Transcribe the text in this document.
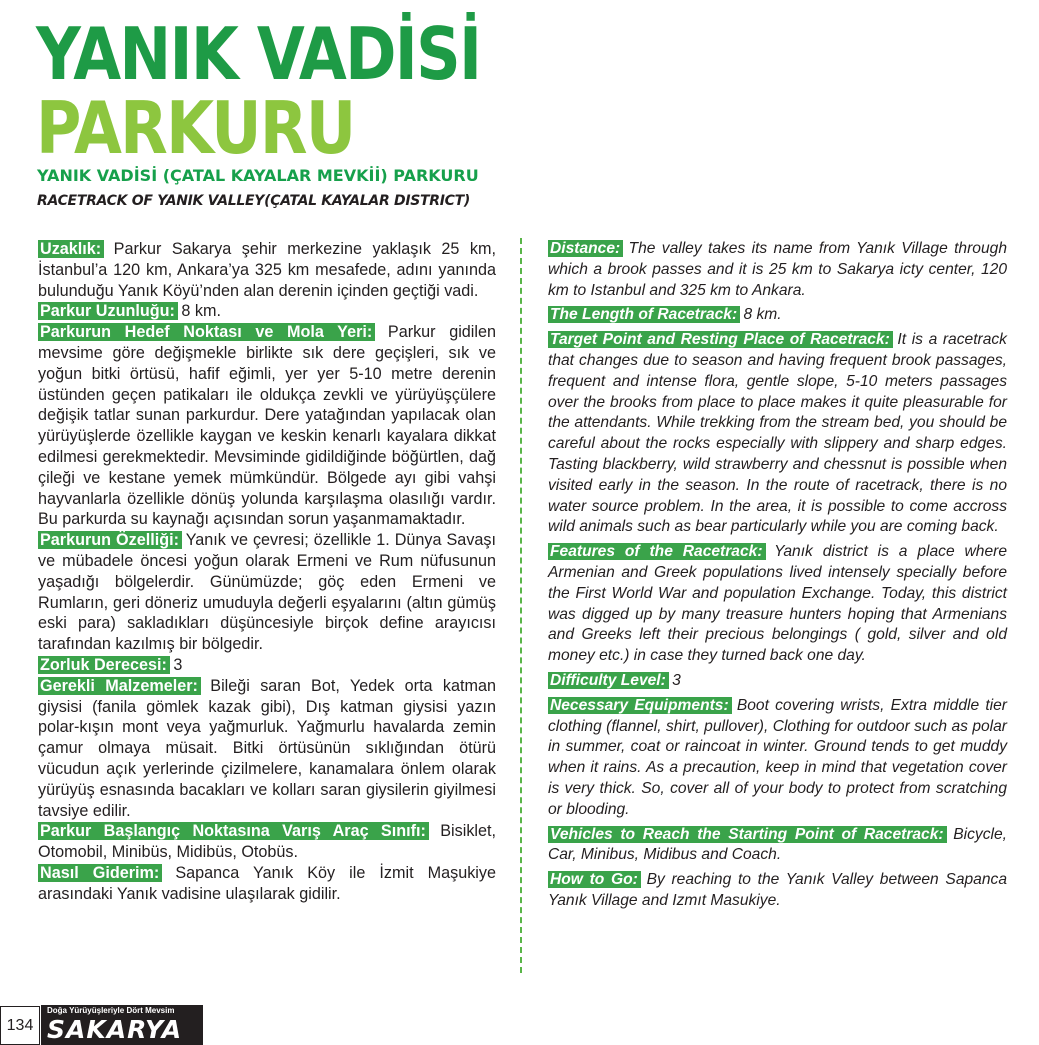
YANIK VADİSİ
PARKURU
YANIK VADİSİ (ÇATAL KAYALAR MEVKİİ) PARKURU
RACETRACK OF YANIK VALLEY(ÇATAL KAYALAR DISTRICT)

Uzaklık: Parkur Sakarya şehir merkezine yaklaşık 25 km, İstanbul’a 120 km, Ankara’ya 325 km mesafede, adını yanında bulunduğu Yanık Köyü’nden alan derenin içinden geçtiği vadi.

Parkur Uzunluğu: 8 km.

Parkurun Hedef Noktası ve Mola Yeri: Parkur gidilen mevsime göre değişmekle birlikte sık dere geçişleri, sık ve yoğun bitki örtüsü, hafif eğimli, yer yer 5-10 metre derenin üstünden geçen patikaları ile oldukça zevkli ve yürüyüşçülere değişik tatlar sunan parkurdur. Dere yatağından yapılacak olan yürüyüşlerde özellikle kaygan ve keskin kenarlı kayalara dikkat edilmesi gerekmektedir. Mevsiminde gidildiğinde böğürtlen, dağ çileği ve kestane yemek mümkündür. Bölgede ayı gibi vahşi hayvanlarla özellikle dönüş yolunda karşılaşma olasılığı vardır. Bu parkurda su kaynağı açısından sorun yaşanmamaktadır.

Parkurun Özelliği: Yanık ve çevresi; özellikle 1. Dünya Savaşı ve mübadele öncesi yoğun olarak Ermeni ve Rum nüfusunun yaşadığı bölgelerdir. Günümüzde; göç eden Ermeni ve Rumların, geri döneriz umuduyla değerli eşyalarını (altın gümüş eski para) sakladıkları düşüncesiyle birçok define arayıcısı tarafından kazılmış bir bölgedir.

Zorluk Derecesi: 3

Gerekli Malzemeler: Bileği saran Bot, Yedek orta katman giysisi (fanila gömlek kazak gibi), Dış katman giysisi yazın polar-kışın mont veya yağmurluk. Yağmurlu havalarda zemin çamur olmaya müsait. Bitki örtüsünün sıklığından ötürü vücudun açık yerlerinde çizilmelere, kanamalara önlem olarak yürüyüş esnasında bacakları ve kolları saran giysilerin giyilmesi tavsiye edilir.

Parkur Başlangıç Noktasına Varış Araç Sınıfı: Bisiklet, Otomobil, Minibüs, Midibüs, Otobüs.

Nasıl Giderim: Sapanca Yanık Köy ile İzmit Maşukiye arasındaki Yanık vadisine ulaşılarak gidilir.

Distance: The valley takes its name from Yanık Village through which a brook passes and it is 25 km to Sakarya icty center, 120 km to Istanbul and 325 km to Ankara.

The Length of Racetrack: 8 km.

Target Point and Resting Place of Racetrack: It is a racetrack that changes due to season and having frequent brook passages, frequent and intense flora, gentle slope, 5-10 meters passages over the brooks from place to place makes it quite pleasurable for the attendants. While trekking from the stream bed, you should be careful about the rocks especially with slippery and sharp edges. Tasting blackberry, wild strawberry and chessnut is possible when visited early in the season. In the route of racetrack, there is no water source problem. In the area, it is possible to come accross wild animals such as bear particularly while you are coming back.

Features of the Racetrack: Yanık district is a place where Armenian and Greek populations lived intensely specially before the First World War and population Exchange. Today, this district was digged up by many treasure hunters hoping that Armenians and Greeks left their precious belongings ( gold, silver and old money etc.) in case they turned back one day.

Difficulty Level: 3

Necessary Equipments: Boot covering wrists, Extra middle tier clothing (flannel, shirt, pullover), Clothing for outdoor such as polar in summer, coat or raincoat in winter. Ground tends to get muddy when it rains. As a precaution, keep in mind that vegetation cover is very thick. So, cover all of your body to protect from scratching or blooding.

Vehicles to Reach the Starting Point of Racetrack: Bicycle, Car, Minibus, Midibus and Coach.

How to Go: By reaching to the Yanık Valley between Sapanca Yanık Village and Izmıt Masukiye.

134
Doğa Yürüyüşleriyle Dört Mevsim
SAKARYA
